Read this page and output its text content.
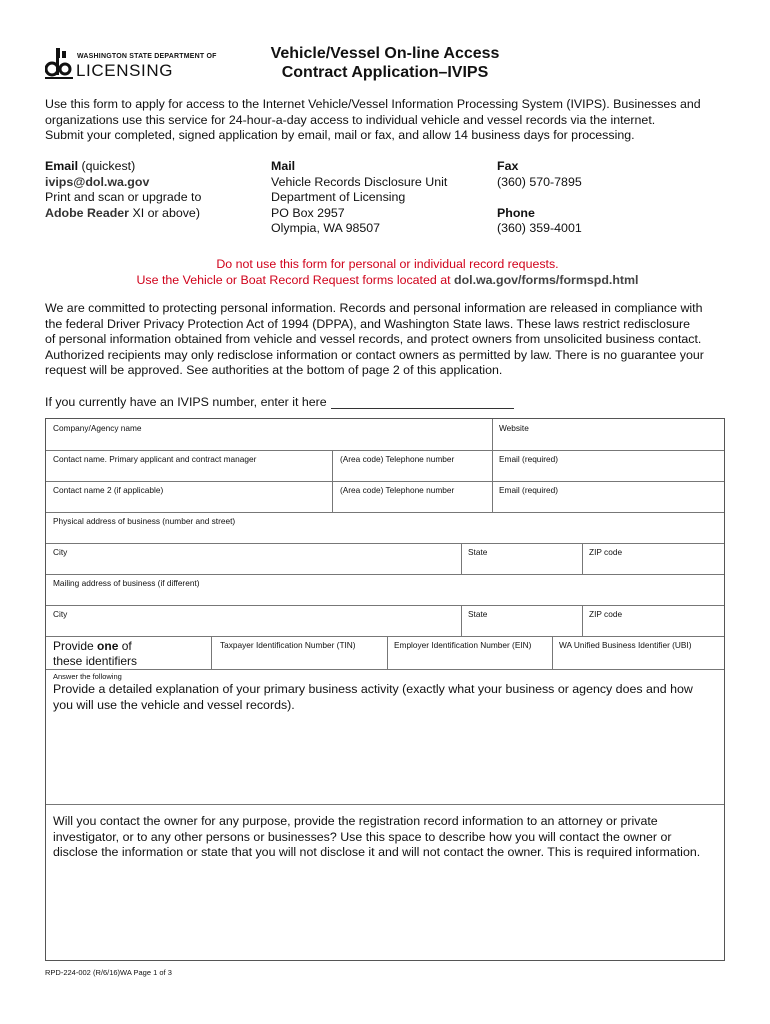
WASHINGTON STATE DEPARTMENT OF
LICENSING
Vehicle/Vessel On-line Access
Contract Application–IVIPS
Use this form to apply for access to the Internet Vehicle/Vessel Information Processing System (IVIPS). Businesses and
organizations use this service for 24-hour-a-day access to individual vehicle and vessel records via the internet.
Submit your completed, signed application by email, mail or fax, and allow 14 business days for processing.
Email (quickest)
ivips@dol.wa.gov
Print and scan or upgrade to
Adobe Reader XI or above)
Mail
Vehicle Records Disclosure Unit
Department of Licensing
PO Box 2957
Olympia, WA 98507
Fax
(360) 570-7895
Phone
(360) 359-4001
Do not use this form for personal or individual record requests.
Use the Vehicle or Boat Record Request forms located at dol.wa.gov/forms/formspd.html
We are committed to protecting personal information. Records and personal information are released in compliance with
the federal Driver Privacy Protection Act of 1994 (DPPA), and Washington State laws. These laws restrict redisclosure
of personal information obtained from vehicle and vessel records, and protect owners from unsolicited business contact.
Authorized recipients may only redisclose information or contact owners as permitted by law. There is no guarantee your
request will be approved. See authorities at the bottom of page 2 of this application.
If you currently have an IVIPS number, enter it here
Company/Agency name	Website
Contact name. Primary applicant and contract manager	(Area code) Telephone number	Email (required)
Contact name 2 (if applicable)	(Area code) Telephone number	Email (required)
Physical address of business (number and street)
City	State	ZIP code
Mailing address of business (if different)
City	State	ZIP code
Provide one of
these identifiers
Taxpayer Identification Number (TIN)	Employer Identification Number (EIN)	WA Unified Business Identifier (UBI)
Answer the following
Provide a detailed explanation of your primary business activity (exactly what your business or agency does and how
you will use the vehicle and vessel records).
Will you contact the owner for any purpose, provide the registration record information to an attorney or private
investigator, or to any other persons or businesses? Use this space to describe how you will contact the owner or
disclose the information or state that you will not disclose it and will not contact the owner. This is required information.
RPD-224-002 (R/6/16)WA Page 1 of 3
